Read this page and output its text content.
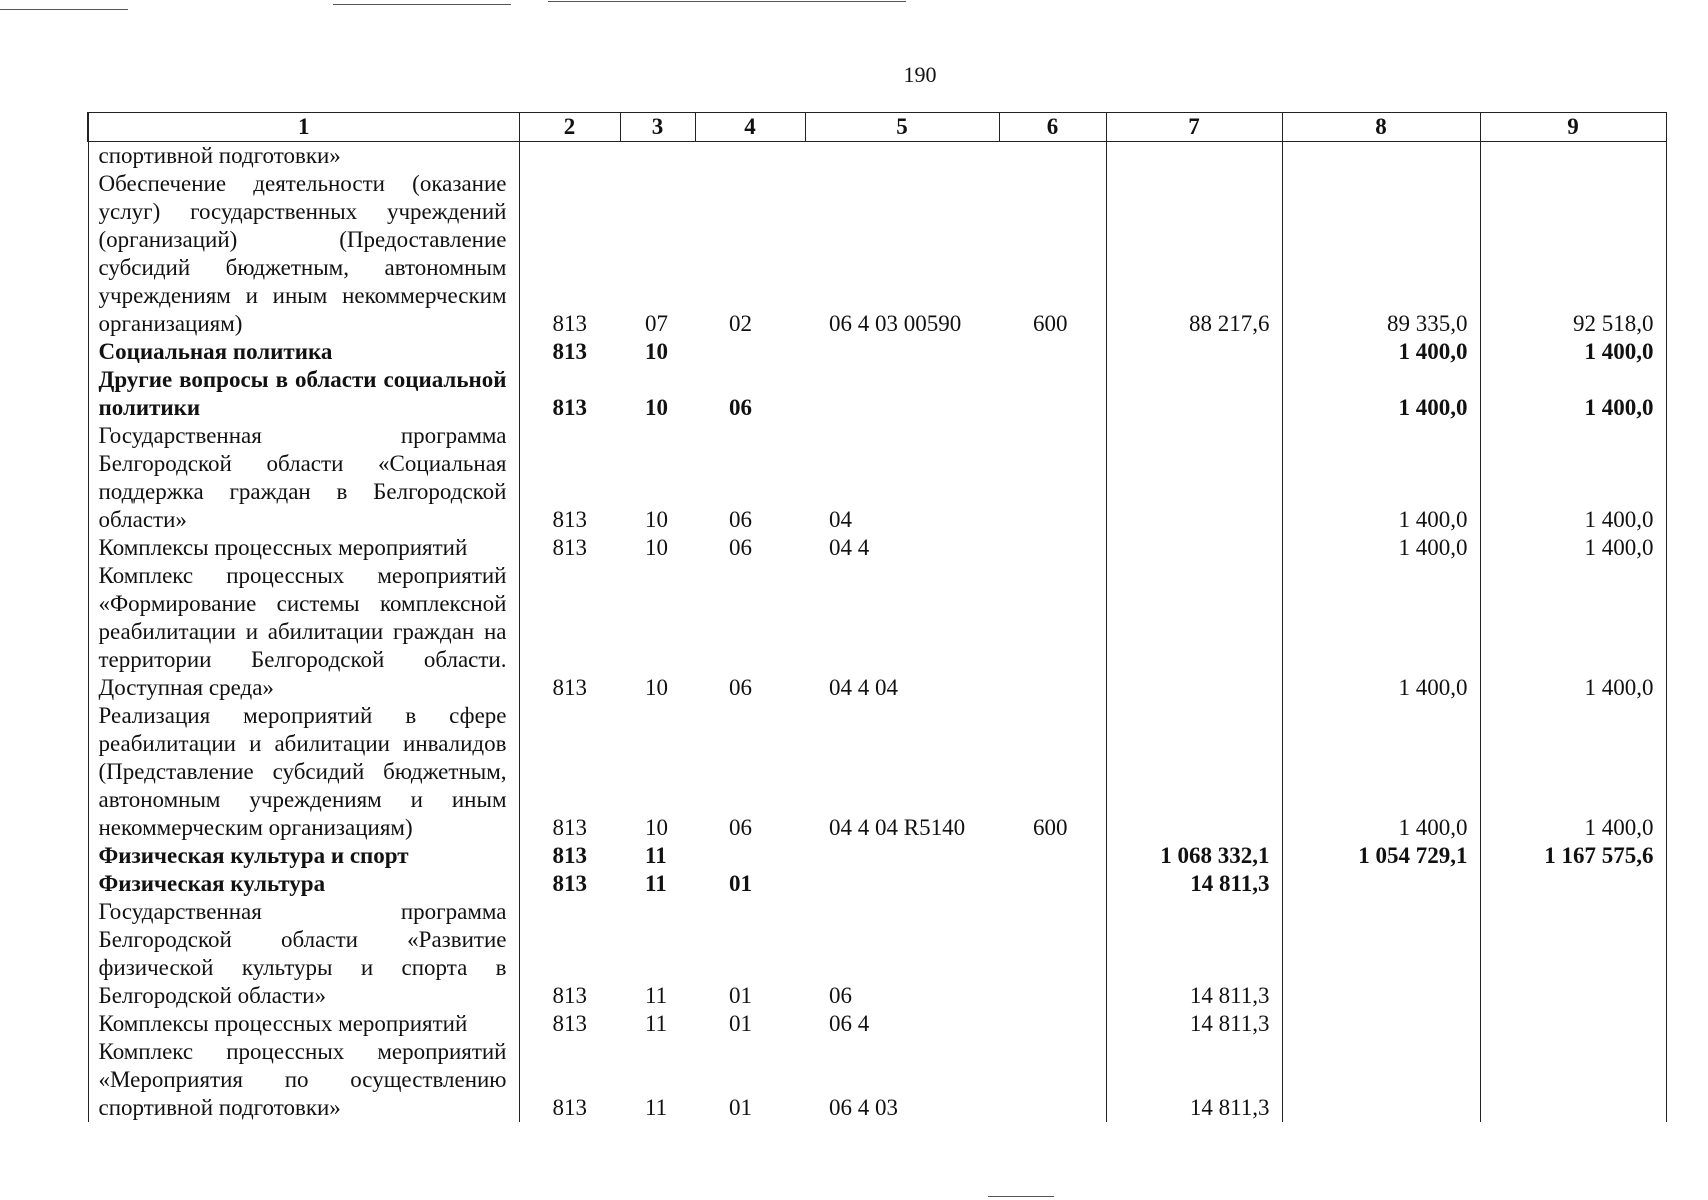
190
1	2	3	4	5	6	7	8	9
спортивной подготовки»								
Обеспечение деятельности (оказание услуг) государственных учреждений (организаций) (Предоставление субсидий бюджетным, автономным учреждениям и иным некоммерческим организациям)	813	07	02	06 4 03 00590	600	88 217,6	89 335,0	92 518,0
Социальная политика	813	10					1 400,0	1 400,0
Другие вопросы в области социальной политики	813	10	06				1 400,0	1 400,0
Государственная программа Белгородской области «Социальная поддержка граждан в Белгородской области»	813	10	06	04			1 400,0	1 400,0
Комплексы процессных мероприятий	813	10	06	04 4			1 400,0	1 400,0
Комплекс процессных мероприятий «Формирование системы комплексной реабилитации и абилитации граждан на территории Белгородской области. Доступная среда»	813	10	06	04 4 04			1 400,0	1 400,0
Реализация мероприятий в сфере реабилитации и абилитации инвалидов (Представление субсидий бюджетным, автономным учреждениям и иным некоммерческим организациям)	813	10	06	04 4 04 R5140	600		1 400,0	1 400,0
Физическая культура и спорт	813	11				1 068 332,1	1 054 729,1	1 167 575,6
Физическая культура	813	11	01			14 811,3		
Государственная программа Белгородской области «Развитие физической культуры и спорта в Белгородской области»	813	11	01	06		14 811,3		
Комплексы процессных мероприятий	813	11	01	06 4		14 811,3		
Комплекс процессных мероприятий «Мероприятия по осуществлению спортивной подготовки»	813	11	01	06 4 03		14 811,3		
